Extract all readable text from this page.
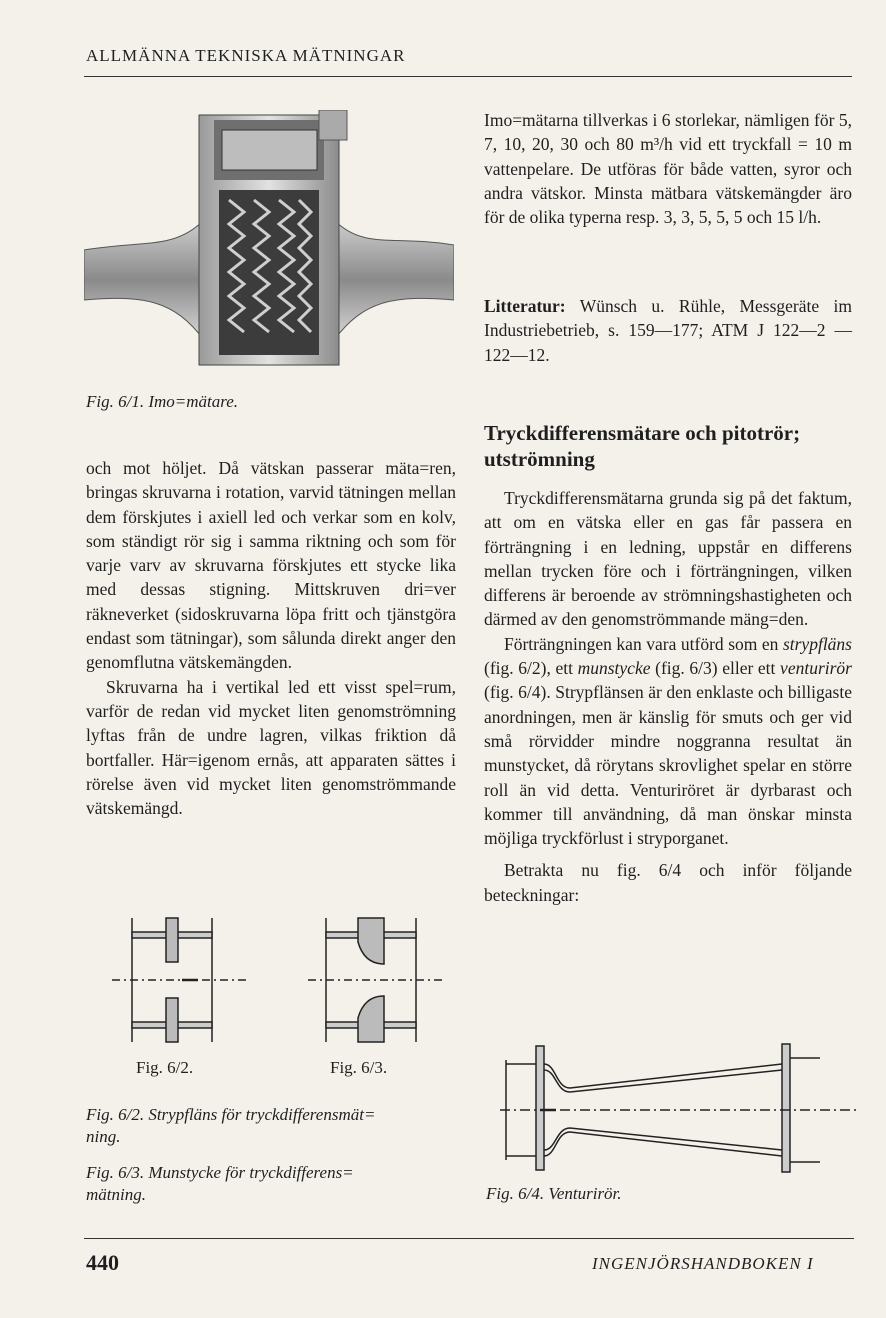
ALLMÄNNA TEKNISKA MÄTNINGAR
Fig. 6/1. Imo=mätare.

och mot höljet. Då vätskan passerar mäta=ren, bringas skruvarna i rotation, varvid tätningen mellan dem förskjutes i axiell led och verkar som en kolv, som ständigt rör sig i samma riktning och som för varje varv av skruvarna förskjutes ett stycke lika med dessas stigning. Mittskruven dri=ver räkneverket (sidoskruvarna löpa fritt och tjänstgöra endast som tätningar), som sålunda direkt anger den genomflutna vätskemängden.

Skruvarna ha i vertikal led ett visst spel=rum, varför de redan vid mycket liten genomströmning lyftas från de undre lagren, vilkas friktion då bortfaller. Här=igenom ernås, att apparaten sättes i rörelse även vid mycket liten genomströmmande vätskemängd.

Fig. 6/2.	Fig. 6/3.
Fig. 6/2. Strypfläns för tryckdifferensmät=
ning.
Fig. 6/3. Munstycke för tryckdifferens=
mätning.

Imo=mätarna tillverkas i 6 storlekar, nämligen för 5, 7, 10, 20, 30 och 80 m³/h vid ett tryckfall = 10 m vattenpelare. De utföras för både vatten, syror och andra vätskor. Minsta mätbara vätskemängder äro för de olika typerna resp. 3, 3, 5, 5, 5 och 15 l/h.

Litteratur: Wünsch u. Rühle, Messgeräte im Industriebetrieb, s. 159—177; ATM J 122—2 — 122—12.

Tryckdifferensmätare och pitotrör; utströmning

Tryckdifferensmätarna grunda sig på det faktum, att om en vätska eller en gas får passera en förträngning i en ledning, uppstår en differens mellan trycken före och i förträngningen, vilken differens är beroende av strömningshastigheten och därmed av den genomströmmande mäng=den.

Förträngningen kan vara utförd som en strypfläns (fig. 6/2), ett munstycke (fig. 6/3) eller ett venturirör (fig. 6/4). Strypflänsen är den enklaste och billigaste anordningen, men är känslig för smuts och ger vid små rörvidder mindre noggranna resultat än munstycket, då rörytans skrovlighet spelar en större roll än vid detta. Venturiröret är dyrbarast och kommer till användning, då man önskar minsta möjliga tryckförlust i stryporganet.

Betrakta nu fig. 6/4 och inför följande beteckningar:

Fig. 6/4. Venturirör.
440	INGENJÖRSHANDBOKEN I
